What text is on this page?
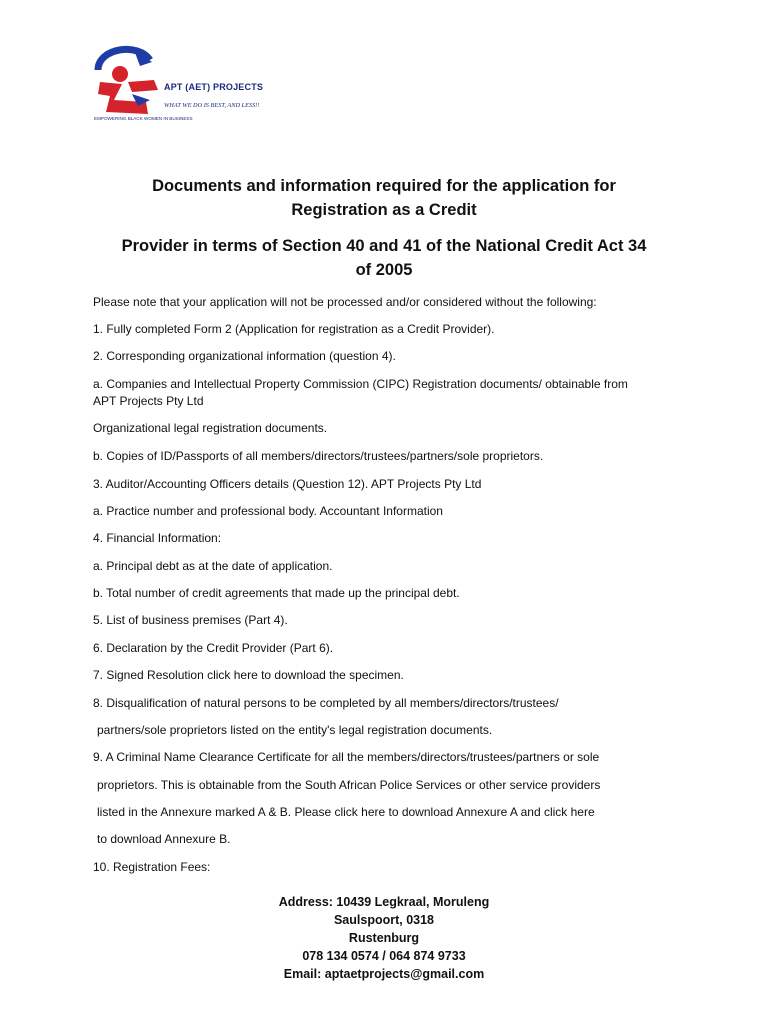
APT (AET) PROJECTS
WHAT WE DO IS BEST, AND LESS!!
EMPOWERING BLACK WOMEN IN BUSINESS
Documents and information required for the application for
Registration as a Credit
Provider in terms of Section 40 and 41 of the National Credit Act 34
of 2005
Please note that your application will not be processed and/or considered without the following:
1. Fully completed Form 2 (Application for registration as a Credit Provider).
2. Corresponding organizational information (question 4).
a. Companies and Intellectual Property Commission (CIPC) Registration documents/ obtainable from
APT Projects Pty Ltd
Organizational legal registration documents.
b. Copies of ID/Passports of all members/directors/trustees/partners/sole proprietors.
3. Auditor/Accounting Officers details (Question 12). APT Projects Pty Ltd
a. Practice number and professional body. Accountant Information
4. Financial Information:
a. Principal debt as at the date of application.
b. Total number of credit agreements that made up the principal debt.
5. List of business premises (Part 4).
6. Declaration by the Credit Provider (Part 6).
7. Signed Resolution click here to download the specimen.
8. Disqualification of natural persons to be completed by all members/directors/trustees/
partners/sole proprietors listed on the entity's legal registration documents.
9. A Criminal Name Clearance Certificate for all the members/directors/trustees/partners or sole
proprietors. This is obtainable from the South African Police Services or other service providers
listed in the Annexure marked A & B. Please click here to download Annexure A and click here
to download Annexure B.
10. Registration Fees:
Address: 10439 Legkraal, Moruleng
Saulspoort, 0318
Rustenburg
078 134 0574 / 064 874 9733
Email: aptaetprojects@gmail.com
